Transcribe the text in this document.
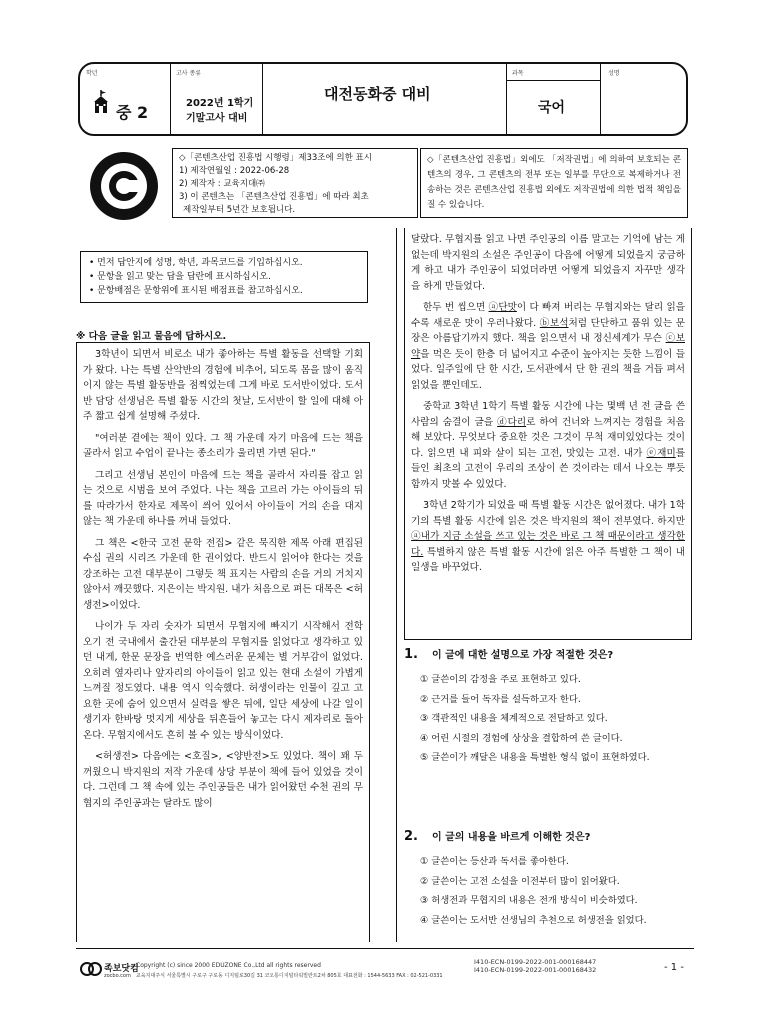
학년
중 2
고사 종류
2022년 1학기
기말고사 대비
대전동화중 대비
과목
국어
성명
◇「콘텐츠산업 진흥법 시행령」제33조에 의한 표시
1) 제작연월일 : 2022-06-28
2) 제작자 : 교육지대㈜
3) 이 콘텐츠는 「콘텐츠산업 진흥법」에 따라 최초
제작일부터 5년간 보호됩니다.
◇「콘텐츠산업 진흥법」외에도 「저작권법」에 의하여 보호되는 콘텐츠의 경우, 그 콘텐츠의 전부 또는 일부를 무단으로 복제하거나 전송하는 것은 콘텐츠산업 진흥법 외에도 저작권법에 의한 법적 책임을 질 수 있습니다.
• 먼저 답안지에 성명, 학년, 과목코드를 기입하십시오.
• 문항을 읽고 맞는 답을 답란에 표시하십시오.
• 문항배점은 문항위에 표시된 배점표를 참고하십시오.
※ 다음 글을 읽고 물음에 답하시오.

3학년이 되면서 비로소 내가 좋아하는 특별 활동을 선택할 기회가 왔다. 나는 특별 산악반의 경험에 비추어, 되도록 몸을 많이 움직이지 않는 특별 활동반을 점찍었는데 그게 바로 도서반이었다. 도서반 담당 선생님은 특별 활동 시간의 첫날, 도서반이 할 일에 대해 아주 짧고 쉽게 설명해 주셨다.

"여러분 곁에는 책이 있다. 그 책 가운데 자기 마음에 드는 책을 골라서 읽고 수업이 끝나는 종소리가 울리면 가면 된다."

그리고 선생님 본인이 마음에 드는 책을 골라서 자리를 잡고 읽는 것으로 시범을 보여 주었다. 나는 책을 고르러 가는 아이들의 뒤를 따라가서 한자로 제목이 씌어 있어서 아이들이 거의 손을 대지 않는 책 가운데 하나를 꺼내 들었다.

그 책은 <한국 고전 문학 전집> 같은 묵직한 제목 아래 편집된 수십 권의 시리즈 가운데 한 권이었다. 반드시 읽어야 한다는 것을 강조하는 고전 대부분이 그렇듯 책 표지는 사람의 손을 거의 거치지 않아서 깨끗했다. 지은이는 박지원. 내가 처음으로 펴든 대목은 <허생전>이었다.

나이가 두 자리 숫자가 되면서 무협지에 빠지기 시작해서 전학 오기 전 국내에서 출간된 대부분의 무협지를 읽었다고 생각하고 있던 내게, 한문 문장을 번역한 예스러운 문체는 별 거부감이 없었다. 오히려 옆자리나 앞자리의 아이들이 읽고 있는 현대 소설이 가볍게 느껴질 정도였다. 내용 역시 익숙했다. 허생이라는 인물이 깊고 고요한 곳에 숨어 있으면서 실력을 쌓은 뒤에, 일단 세상에 나갈 일이 생기자 한바탕 멋지게 세상을 뒤흔들어 놓고는 다시 제자리로 돌아온다. 무협지에서도 흔히 볼 수 있는 방식이었다.

<허생전> 다음에는 <호질>, <양반전>도 있었다. 책이 꽤 두꺼웠으니 박지원의 저작 가운데 상당 부분이 책에 들어 있었을 것이다. 그런데 그 책 속에 있는 주인공들은 내가 읽어왔던 수천 권의 무협지의 주인공과는 달라도 많이

달랐다. 무협지를 읽고 나면 주인공의 이름 말고는 기억에 남는 게 없는데 박지원의 소설은 주인공이 다음에 어떻게 되었을지 궁금하게 하고 내가 주인공이 되었더라면 어떻게 되었을지 자꾸만 생각을 하게 만들었다.

한두 번 씹으면 ⓐ단맛이 다 빠져 버리는 무협지와는 달리 읽을수록 새로운 맛이 우러나왔다. ⓑ보석처럼 단단하고 품위 있는 문장은 아름답기까지 했다. 책을 읽으면서 내 정신세계가 무슨 ⓒ보약을 먹은 듯이 한층 더 넓어지고 수준이 높아지는 듯한 느낌이 들었다. 일주일에 단 한 시간, 도서관에서 단 한 권의 책을 거듭 펴서 읽었을 뿐인데도.

중학교 3학년 1학기 특별 활동 시간에 나는 몇백 년 전 글을 쓴 사람의 숨결이 글을 ⓓ다리로 하여 건너와 느껴지는 경험을 처음 해 보았다. 무엇보다 중요한 것은 그것이 무척 재미있었다는 것이다. 읽으면 내 피와 살이 되는 고전, 맛있는 고전. 내가 ⓔ재미를 들인 최초의 고전이 우리의 조상이 쓴 것이라는 데서 나오는 뿌듯함까지 맛볼 수 있었다.

3학년 2학기가 되었을 때 특별 활동 시간은 없어졌다. 내가 1학기의 특별 활동 시간에 읽은 것은 박지원의 책이 전부였다. 하지만 ⓐ내가 지금 소설을 쓰고 있는 것은 바로 그 책 때문이라고 생각한다. 특별하지 않은 특별 활동 시간에 읽은 아주 특별한 그 책이 내 일생을 바꾸었다.

1. 이 글에 대한 설명으로 가장 적절한 것은?
① 글쓴이의 감정을 주로 표현하고 있다.
② 근거를 들어 독자를 설득하고자 한다.
③ 객관적인 내용을 체계적으로 전달하고 있다.
④ 어린 시절의 경험에 상상을 결합하여 쓴 글이다.
⑤ 글쓴이가 깨달은 내용을 특별한 형식 없이 표현하였다.
2. 이 글의 내용을 바르게 이해한 것은?
① 글쓴이는 등산과 독서를 좋아한다.
② 글쓴이는 고전 소설을 이전부터 많이 읽어왔다.
③ 허생전과 무협지의 내용은 전개 방식이 비슷하였다.
④ 글쓴이는 도서반 선생님의 추천으로 허생전을 읽었다.
족보닷컴
zocbo.com
Copyright (c) since 2000 EDUZONE Co.,Ltd all rights reserved
교육지대주식 서울특별시 구로구 구로동 디지털로30길 31 코오롱디지털타워빌란트2차 805호 대표전화 : 1544-5633 FAX : 02-521-0331
I410-ECN-0199-2022-001-000168447
I410-ECN-0199-2022-001-000168432	- 1 -
